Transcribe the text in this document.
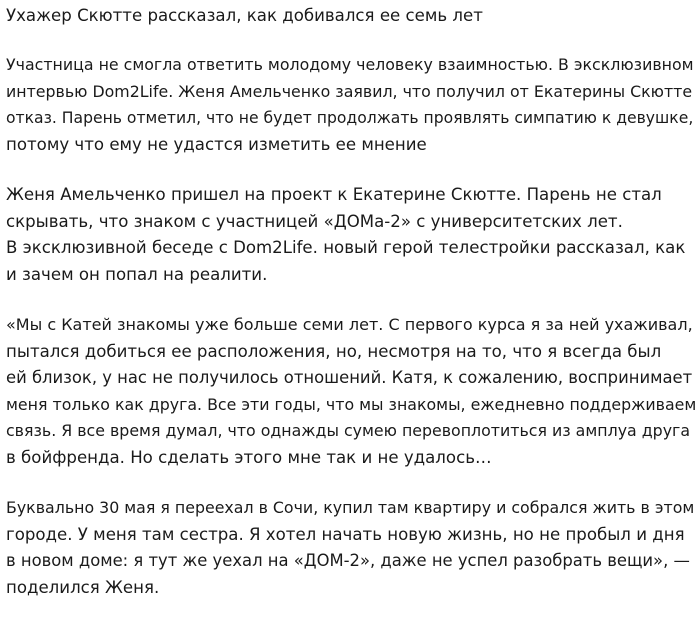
Ухажер Скютте рассказал, как добивался ее семь лет
Участница не смогла ответить молодому человеку взаимностью. В эксклюзивном
интервью Dom2Life. Женя Амельченко заявил, что получил от Екатерины Скютте
отказ. Парень отметил, что не будет продолжать проявлять симпатию к девушке,
потому что ему не удастся изметить ее мнение
Женя Амельченко пришел на проект к Екатерине Скютте. Парень не стал
скрывать, что знаком с участницей «ДОМа-2» с университетских лет.
В эксклюзивной беседе с Dom2Life. новый герой телестройки рассказал, как
и зачем он попал на реалити.
«Мы с Катей знакомы уже больше семи лет. С первого курса я за ней ухаживал,
пытался добиться ее расположения, но, несмотря на то, что я всегда был
ей близок, у нас не получилось отношений. Катя, к сожалению, воспринимает
меня только как друга. Все эти годы, что мы знакомы, ежедневно поддерживаем
связь. Я все время думал, что однажды сумею перевоплотиться из амплуа друга
в бойфренда. Но сделать этого мне так и не удалось…
Буквально 30 мая я переехал в Сочи, купил там квартиру и собрался жить в этом
городе. У меня там сестра. Я хотел начать новую жизнь, но не пробыл и дня
в новом доме: я тут же уехал на «ДОМ-2», даже не успел разобрать вещи», —
поделился Женя.
